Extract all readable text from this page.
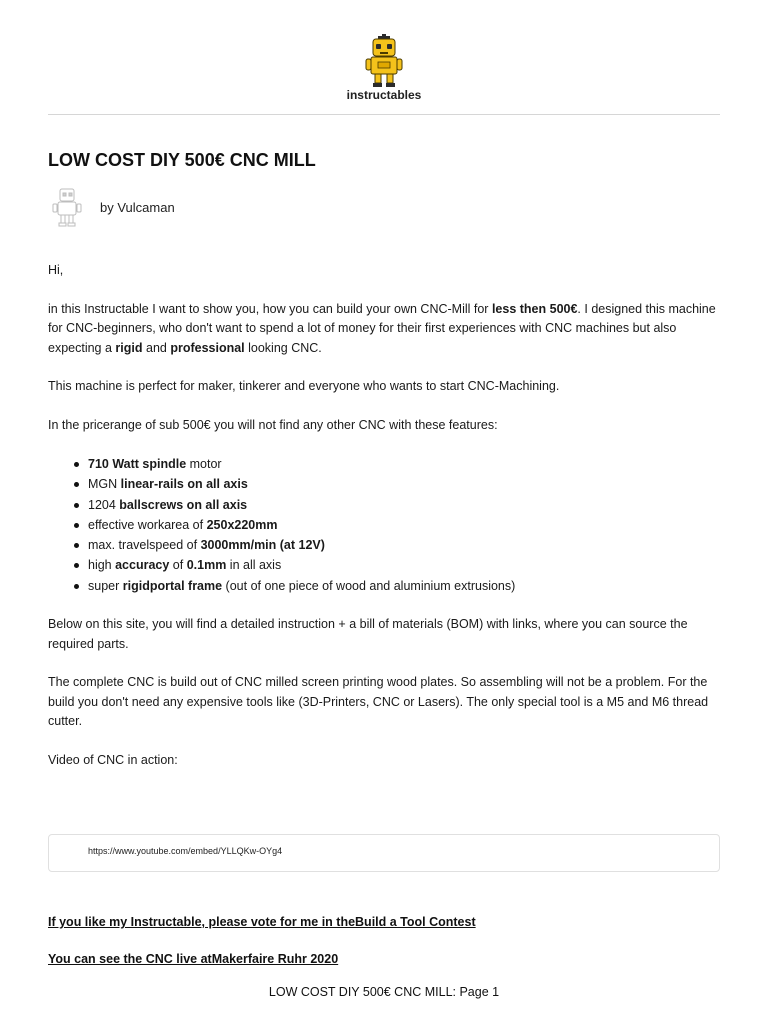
instructables
LOW COST DIY 500€ CNC MILL
by Vulcaman

Hi,

in this Instructable I want to show you, how you can build your own CNC-Mill for less then 500€. I designed this machine
for CNC-beginners, who don't want to spend a lot of money for their first experiences with CNC machines but also
expecting a rigid and professional looking CNC.

This machine is perfect for maker, tinkerer and everyone who wants to start CNC-Machining.

In the pricerange of sub 500€ you will not find any other CNC with these features:

710 Watt spindle motor
MGN linear-rails on all axis
1204 ballscrews on all axis
effective workarea of 250x220mm
max. travelspeed of 3000mm/min (at 12V)
high accuracy of 0.1mm in all axis
super rigidportal frame (out of one piece of wood and aluminium extrusions)

Below on this site, you will find a detailed instruction + a bill of materials (BOM) with links, where you can source the
required parts.

The complete CNC is build out of CNC milled screen printing wood plates. So assembling will not be a problem. For the
build you don't need any expensive tools like (3D-Printers, CNC or Lasers). The only special tool is a M5 and M6 thread
cutter.

Video of CNC in action:

https://www.youtube.com/embed/YLLQKw-OYg4
If you like my Instructable, please vote for me in theBuild a Tool Contest
You can see the CNC live atMakerfaire Ruhr 2020
LOW COST DIY 500€ CNC MILL: Page 1
